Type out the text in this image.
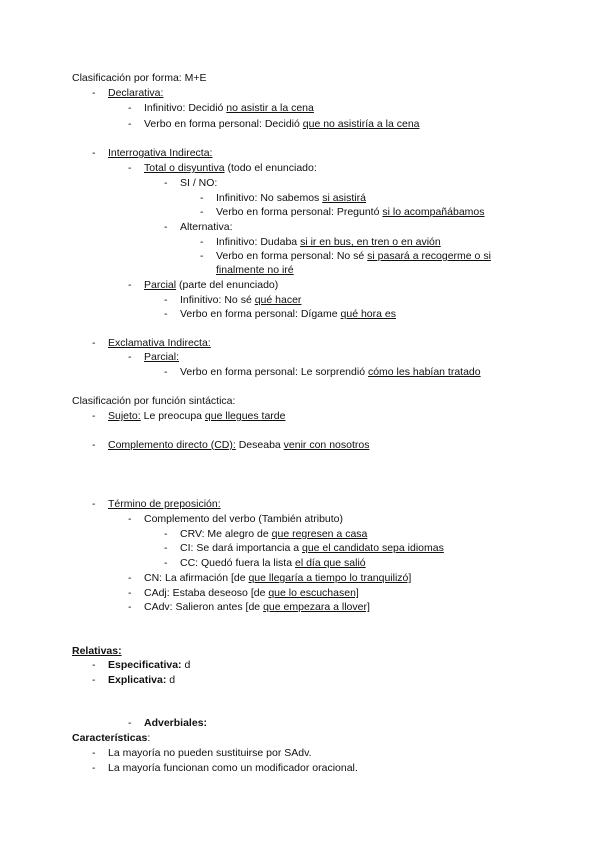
Clasificación por forma: M+E
- Declarativa:
- Infinitivo: Decidió no asistir a la cena
- Verbo en forma personal: Decidió que no asistiría a la cena
- Interrogativa Indirecta:
- Total o disyuntiva (todo el enunciado:
- SI / NO:
- Infinitivo: No sabemos si asistirá
- Verbo en forma personal: Preguntó si lo acompañábamos
- Alternativa:
- Infinitivo: Dudaba si ir en bus, en tren o en avión
- Verbo en forma personal: No sé si pasará a recogerme o si
finalmente no iré
- Parcial (parte del enunciado)
- Infinitivo: No sé qué hacer
- Verbo en forma personal: Dígame qué hora es
- Exclamativa Indirecta:
- Parcial:
- Verbo en forma personal: Le sorprendió cómo les habían tratado
Clasificación por función sintáctica:
- Sujeto: Le preocupa que llegues tarde
- Complemento directo (CD): Deseaba venir con nosotros
- Término de preposición:
- Complemento del verbo (También atributo)
- CRV: Me alegro de que regresen a casa
- CI: Se dará importancia a que el candidato sepa idiomas
- CC: Quedó fuera la lista el día que salió
- CN: La afirmación [de que llegaría a tiempo lo tranquilizó]
- CAdj: Estaba deseoso [de que lo escuchasen]
- CAdv: Salieron antes [de que empezara a llover]
Relativas:
- Especificativa: d
- Explicativa: d
- Adverbiales:
Características:
- La mayoría no pueden sustituirse por SAdv.
- La mayoría funcionan como un modificador oracional.
